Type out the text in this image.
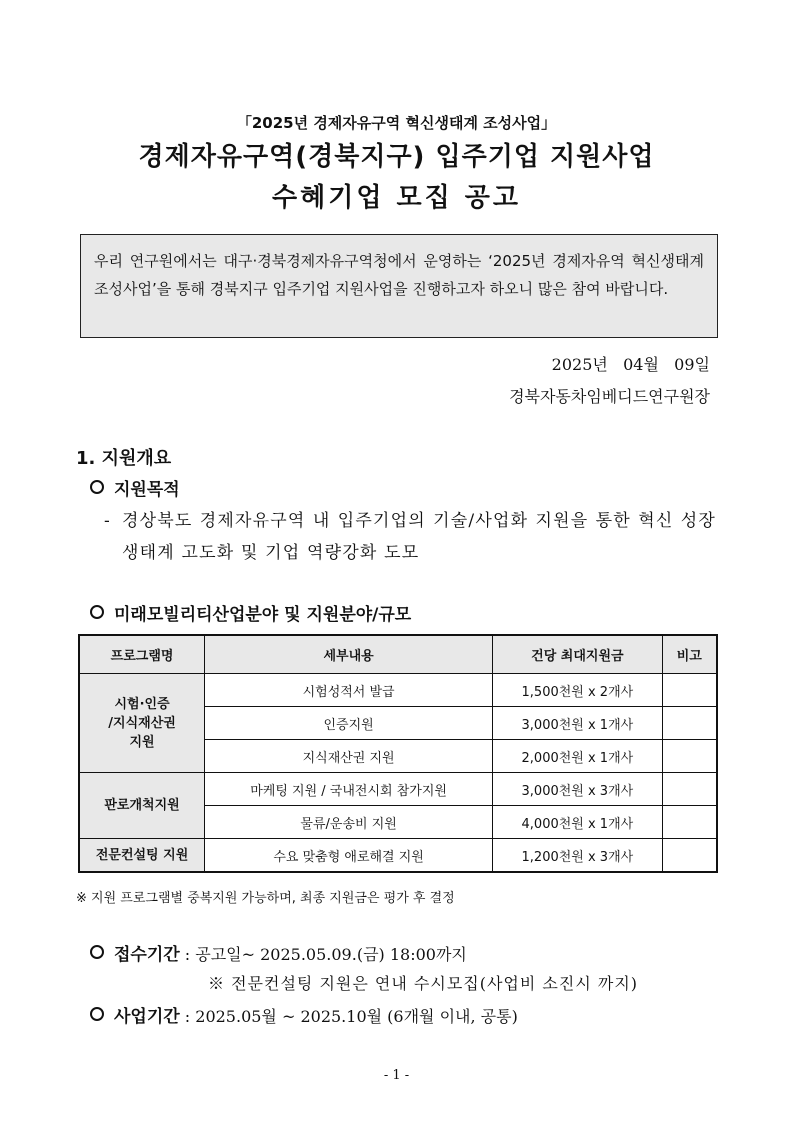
「2025년 경제자유구역 혁신생태계 조성사업」
경제자유구역(경북지구) 입주기업 지원사업
수혜기업 모집 공고
우리 연구원에서는 대구·경북경제자유구역청에서 운영하는 ‘2025년 경제자유역 혁신생태계 조성사업’을 통해 경북지구 입주기업 지원사업을 진행하고자 하오니 많은 참여 바랍니다.
2025년   04월   09일
경북자동차임베디드연구원장
1. 지원개요
지원목적
- 경상북도 경제자유구역 내 입주기업의 기술/사업화 지원을 통한 혁신 성장 생태계 고도화 및 기업 역량강화 도모
미래모빌리티산업분야 및 지원분야/규모
프로그램명	세부내용	건당 최대지원금	비고
시험·인증
/지식재산권
지원	시험성적서 발급	1,500천원 x 2개사	
	인증지원	3,000천원 x 1개사	
	지식재산권 지원	2,000천원 x 1개사	
판로개척지원	마케팅 지원 / 국내전시회 참가지원	3,000천원 x 3개사	
	물류/운송비 지원	4,000천원 x 1개사	
전문컨설팅 지원	수요 맞춤형 애로해결 지원	1,200천원 x 3개사	
※ 지원 프로그램별 중복지원 가능하며, 최종 지원금은 평가 후 결정
접수기간 : 공고일~ 2025.05.09.(금) 18:00까지
※ 전문컨설팅 지원은 연내 수시모집(사업비 소진시 까지)
사업기간 : 2025.05월 ~ 2025.10월 (6개월 이내, 공통)
- 1 -
